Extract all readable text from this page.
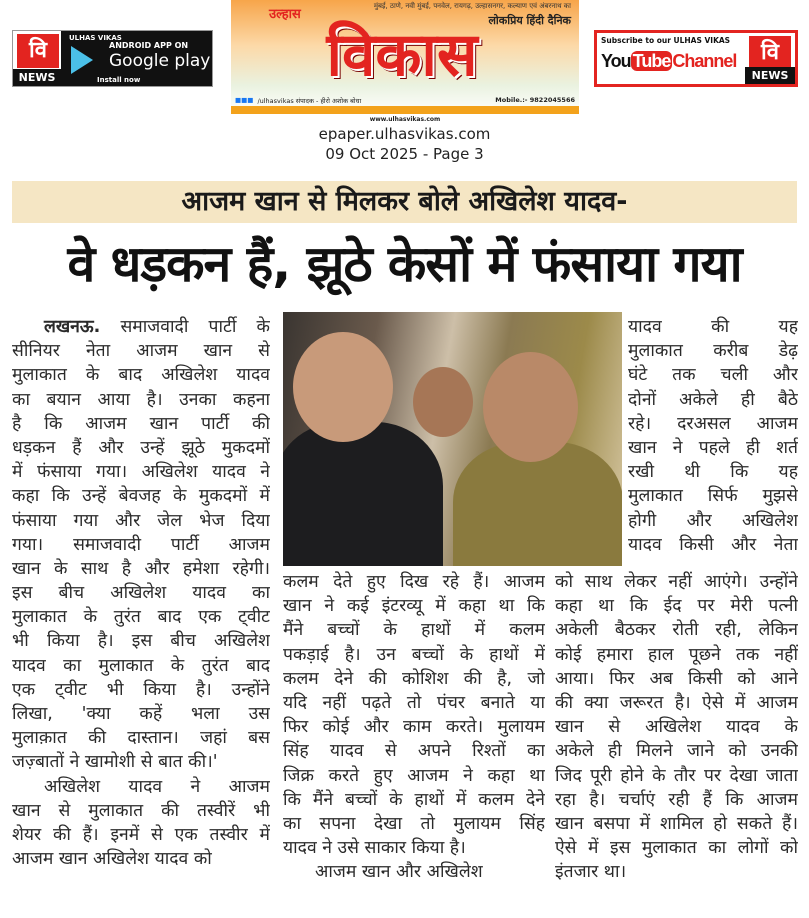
वि
NEWS
ULHAS VIKAS
ANDROID APP ON
Google play
Install now
मुंबई, ठाणे, नवी मुंबई, पनवेल, रायगढ़, उल्हासनगर, कल्याण एवं अंबरनाथ का
लोकप्रिय हिंदी दैनिक
उल्हास
विकास
■■■ /ulhasvikas संपादक - हीरो अशोक बोधा	Mobile.:- 9822045566
www.ulhasvikas.com
Subscribe to our ULHAS VIKAS
You Tube Channel	वि
NEWS
epaper.ulhasvikas.com
09 Oct 2025 - Page 3
आजम खान से मिलकर बोले अखिलेश यादव-
वे धड़कन हैं, झूठे केसों में फंसाया गया
लखनऊ. समाजवादी पार्टी के
सीनियर नेता आजम खान से
मुलाकात के बाद अखिलेश यादव
का बयान आया है। उनका कहना
है कि आजम खान पार्टी की
धड़कन हैं और उन्हें झूठे मुकदमों
में फंसाया गया। अखिलेश यादव ने
कहा कि उन्हें बेवजह के मुकदमों में
फंसाया गया और जेल भेज दिया
गया। समाजवादी पार्टी आजम
खान के साथ है और हमेशा रहेगी।
इस बीच अखिलेश यादव का
मुलाकात के तुरंत बाद एक ट्वीट
भी किया है। इस बीच अखिलेश
यादव का मुलाकात के तुरंत बाद
एक ट्वीट भी किया है। उन्होंने
लिखा, 'क्या कहें भला उस
मुलाक़ात की दास्तान। जहां बस
जज़्बातों ने खामोशी से बात की।'
अखिलेश यादव ने आजम
खान से मुलाकात की तस्वीरें भी
शेयर की हैं। इनमें से एक तस्वीर में
आजम खान अखिलेश यादव को
कलम देते हुए दिख रहे हैं। आजम
खान ने कई इंटरव्यू में कहा था कि
मैंने बच्चों के हाथों में कलम
पकड़ाई है। उन बच्चों के हाथों में
कलम देने की कोशिश की है, जो
यदि नहीं पढ़ते तो पंचर बनाते या
फिर कोई और काम करते। मुलायम
सिंह यादव से अपने रिश्तों का
जिक्र करते हुए आजम ने कहा था
कि मैंने बच्चों के हाथों में कलम देने
का सपना देखा तो मुलायम सिंह
यादव ने उसे साकार किया है।
आजम खान और अखिलेश
यादव की यह
मुलाकात करीब डेढ़
घंटे तक चली और
दोनों अकेले ही बैठे
रहे। दरअसल आजम
खान ने पहले ही शर्त
रखी थी कि यह
मुलाकात सिर्फ मुझसे
होगी और अखिलेश
यादव किसी और नेता
को साथ लेकर नहीं आएंगे। उन्होंने
कहा था कि ईद पर मेरी पत्नी
अकेली बैठकर रोती रही, लेकिन
कोई हमारा हाल पूछने तक नहीं
आया। फिर अब किसी को आने
की क्या जरूरत है। ऐसे में आजम
खान से अखिलेश यादव के
अकेले ही मिलने जाने को उनकी
जिद पूरी होने के तौर पर देखा जाता
रहा है। चर्चाएं रही हैं कि आजम
खान बसपा में शामिल हो सकते हैं।
ऐसे में इस मुलाकात का लोगों को
इंतजार था।
